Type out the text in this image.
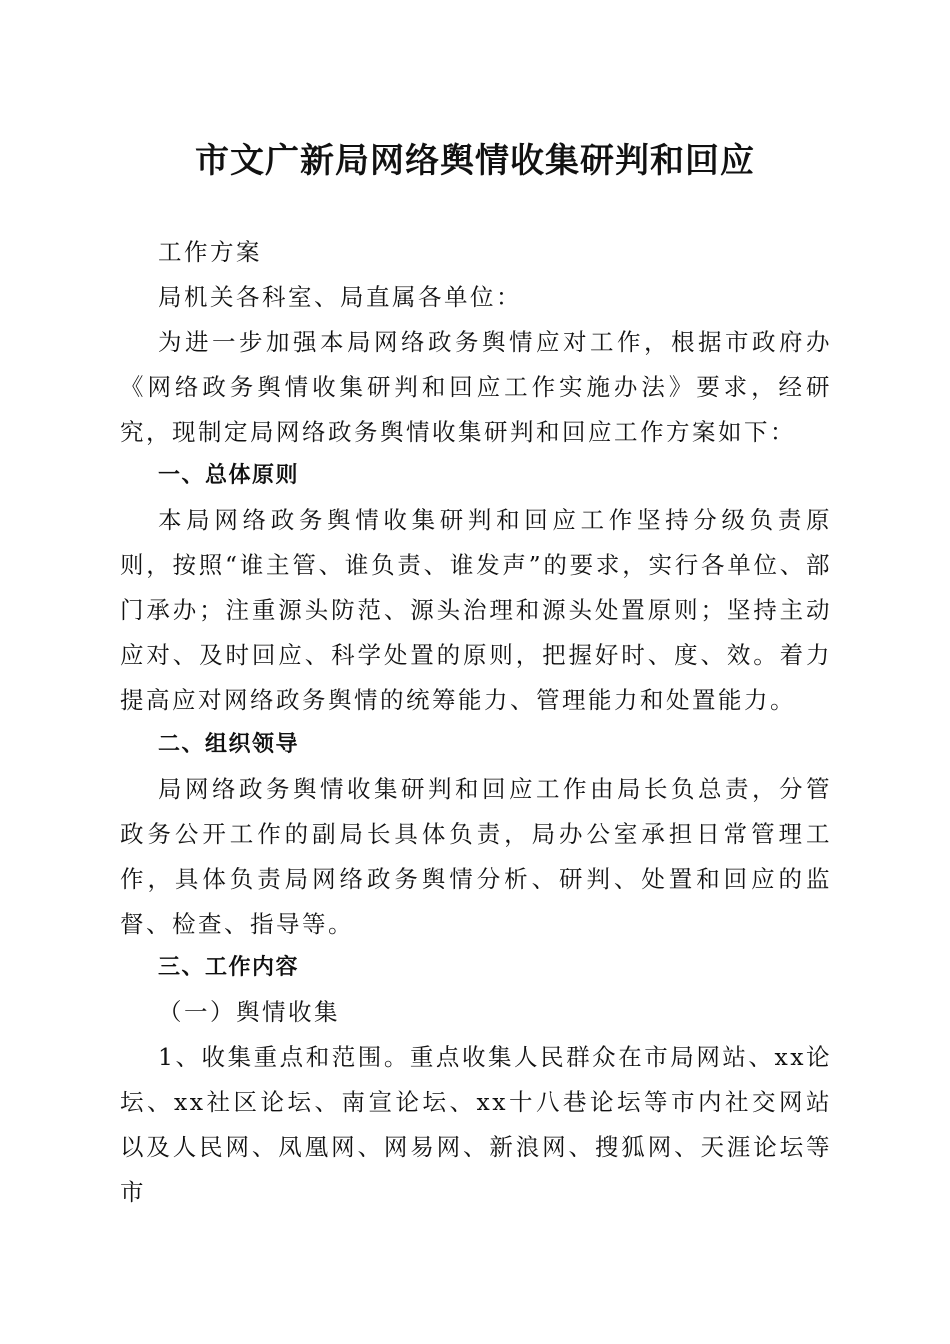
市文广新局网络舆情收集研判和回应

工作方案

局机关各科室、局直属各单位：

为进一步加强本局网络政务舆情应对工作，根据市政府办《网络政务舆情收集研判和回应工作实施办法》要求，经研究，现制定局网络政务舆情收集研判和回应工作方案如下：

一、总体原则

本局网络政务舆情收集研判和回应工作坚持分级负责原则，按照“谁主管、谁负责、谁发声”的要求，实行各单位、部门承办；注重源头防范、源头治理和源头处置原则；坚持主动应对、及时回应、科学处置的原则，把握好时、度、效。着力提高应对网络政务舆情的统筹能力、管理能力和处置能力。

二、组织领导

局网络政务舆情收集研判和回应工作由局长负总责，分管政务公开工作的副局长具体负责，局办公室承担日常管理工作，具体负责局网络政务舆情分析、研判、处置和回应的监督、检查、指导等。

三、工作内容

（一）舆情收集

1、收集重点和范围。重点收集人民群众在市局网站、xx论坛、xx社区论坛、南宣论坛、xx十八巷论坛等市内社交网站以及人民网、凤凰网、网易网、新浪网、搜狐网、天涯论坛等市
